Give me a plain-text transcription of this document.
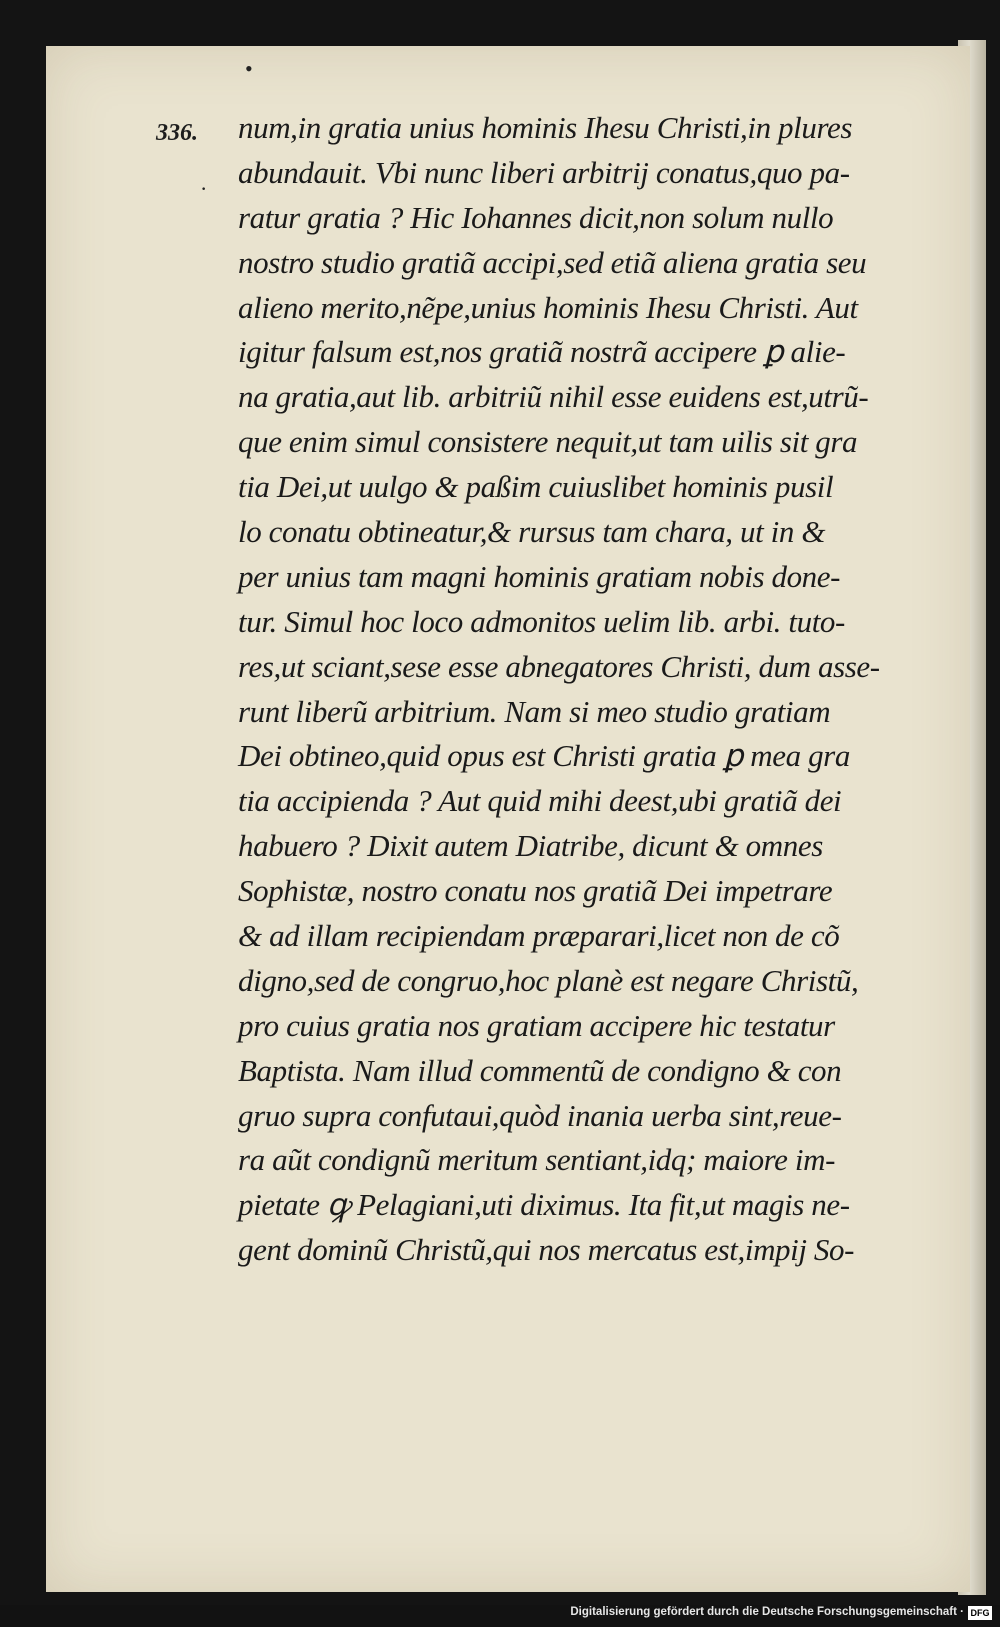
•
336.
·
num,in gratia unius hominis Ihesu Christi,in plures
abundauit. Vbi nunc liberi arbitrij conatus,quo pa-
ratur gratia ? Hic Iohannes dicit,non solum nullo
nostro studio gratiã accipi,sed etiã aliena gratia seu
alieno merito,nẽpe,unius hominis Ihesu Christi. Aut
igitur falsum est,nos gratiã nostrã accipere ꝑ alie-
na gratia,aut lib. arbitriũ nihil esse euidens est,utrũ-
que enim simul consistere nequit,ut tam uilis sit gra
tia Dei,ut uulgo & paßim cuiuslibet hominis pusil
lo conatu obtineatur,& rursus tam chara, ut in &
per unius tam magni hominis gratiam nobis done-
tur. Simul hoc loco admonitos uelim lib. arbi. tuto-
res,ut sciant,sese esse abnegatores Christi, dum asse-
runt liberũ arbitrium. Nam si meo studio gratiam
Dei obtineo,quid opus est Christi gratia ꝑ mea gra
tia accipienda ? Aut quid mihi deest,ubi gratiã dei
habuero ? Dixit autem Diatribe, dicunt & omnes
Sophistæ, nostro conatu nos gratiã Dei impetrare
& ad illam recipiendam præparari,licet non de cõ
digno,sed de congruo,hoc planè est negare Christũ,
pro cuius gratia nos gratiam accipere hic testatur
Baptista. Nam illud commentũ de condigno & con
gruo supra confutaui,quòd inania uerba sint,reue-
ra aũt condignũ meritum sentiant,idq; maiore im-
pietate ꝙ Pelagiani,uti diximus. Ita fit,ut magis ne-
gent dominũ Christũ,qui nos mercatus est,impij So-
Digitalisierung gefördert durch die Deutsche Forschungsgemeinschaft · DFG
